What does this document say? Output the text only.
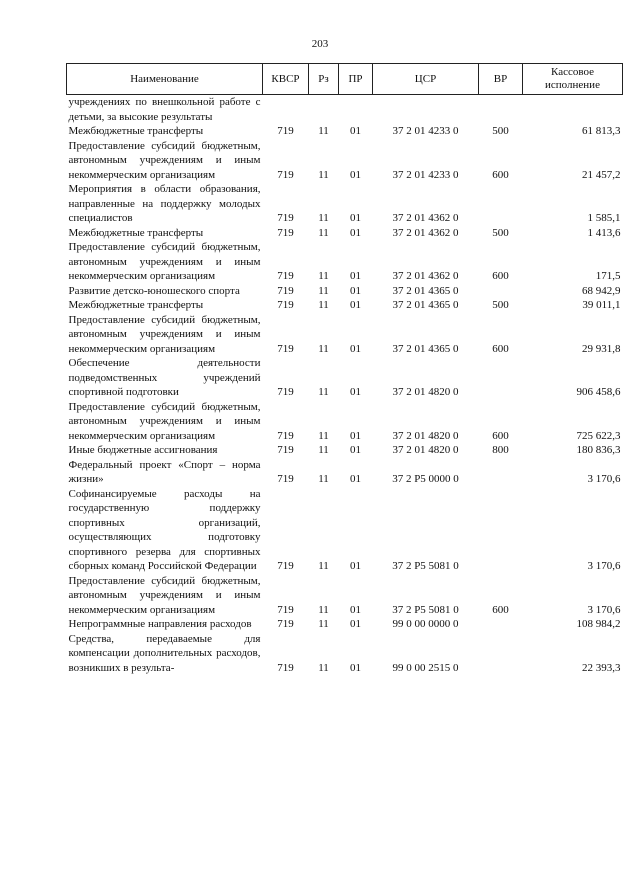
203
Наименование	КВСР	Рз	ПР	ЦСР	ВР	Кассовое исполнение
учреждениях по внешкольной работе с детьми, за высокие результаты						
Межбюджетные трансферты	719	11	01	37 2 01 4233 0	500	61 813,3
Предоставление субсидий бюджетным, автономным учреждениям и иным некоммерческим организациям	719	11	01	37 2 01 4233 0	600	21 457,2
Мероприятия в области образования, направленные на поддержку молодых специалистов	719	11	01	37 2 01 4362 0		1 585,1
Межбюджетные трансферты	719	11	01	37 2 01 4362 0	500	1 413,6
Предоставление субсидий бюджетным, автономным учреждениям и иным некоммерческим организациям	719	11	01	37 2 01 4362 0	600	171,5
Развитие детско-юношеского спорта	719	11	01	37 2 01 4365 0		68 942,9
Межбюджетные трансферты	719	11	01	37 2 01 4365 0	500	39 011,1
Предоставление субсидий бюджетным, автономным учреждениям и иным некоммерческим организациям	719	11	01	37 2 01 4365 0	600	29 931,8
Обеспечение деятельности подведомственных учреждений спортивной подготовки	719	11	01	37 2 01 4820 0		906 458,6
Предоставление субсидий бюджетным, автономным учреждениям и иным некоммерческим организациям	719	11	01	37 2 01 4820 0	600	725 622,3
Иные бюджетные ассигнования	719	11	01	37 2 01 4820 0	800	180 836,3
Федеральный проект «Спорт – норма жизни»	719	11	01	37 2 P5 0000 0		3 170,6
Софинансируемые расходы на государственную поддержку спортивных организаций, осуществляющих подготовку спортивного резерва для спортивных сборных команд Российской Федерации	719	11	01	37 2 P5 5081 0		3 170,6
Предоставление субсидий бюджетным, автономным учреждениям и иным некоммерческим организациям	719	11	01	37 2 P5 5081 0	600	3 170,6
Непрограммные направления расходов	719	11	01	99 0 00 0000 0		108 984,2
Средства, передаваемые для компенсации дополнительных расходов, возникших в результа-	719	11	01	99 0 00 2515 0		22 393,3
